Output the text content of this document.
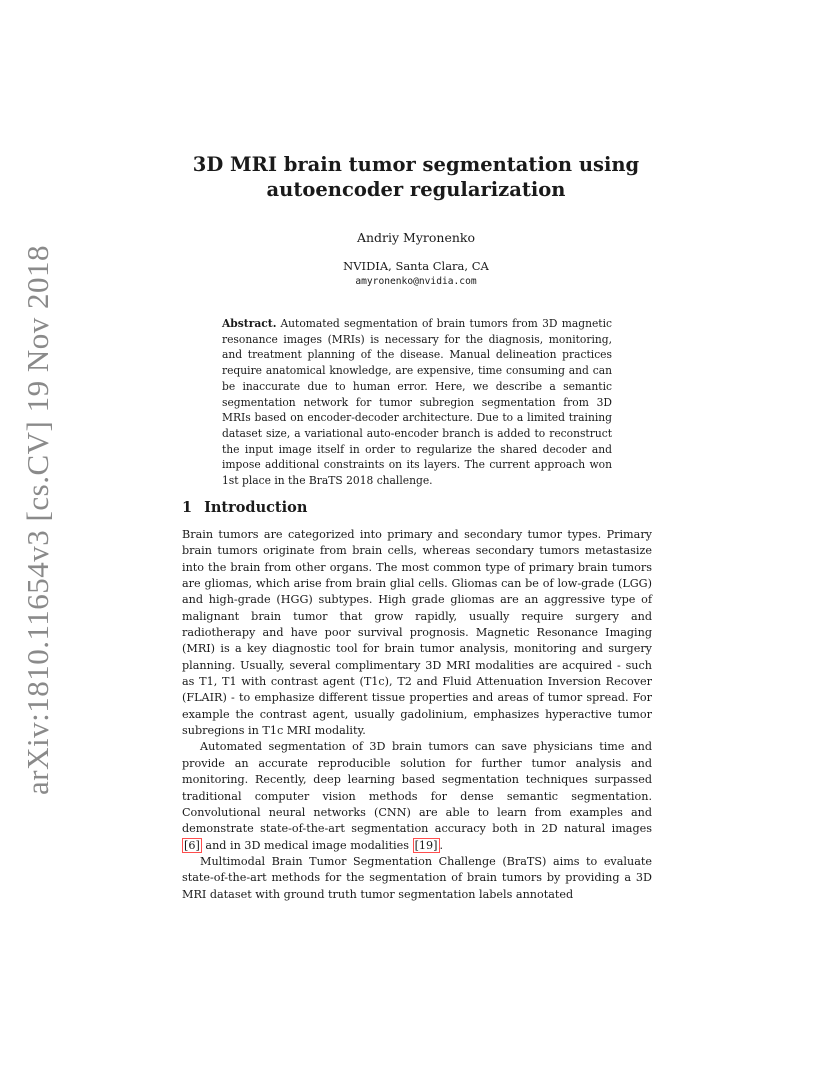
arXiv:1810.11654v3 [cs.CV] 19 Nov 2018
3D MRI brain tumor segmentation using
autoencoder regularization
Andriy Myronenko
NVIDIA, Santa Clara, CA
amyronenko@nvidia.com
Abstract. Automated segmentation of brain tumors from 3D magnetic resonance images (MRIs) is necessary for the diagnosis, monitoring, and treatment planning of the disease. Manual delineation practices require anatomical knowledge, are expensive, time consuming and can be inaccurate due to human error. Here, we describe a semantic segmentation network for tumor subregion segmentation from 3D MRIs based on encoder-decoder architecture. Due to a limited training dataset size, a variational auto-encoder branch is added to reconstruct the input image itself in order to regularize the shared decoder and impose additional constraints on its layers. The current approach won 1st place in the BraTS 2018 challenge.
1 Introduction

Brain tumors are categorized into primary and secondary tumor types. Primary brain tumors originate from brain cells, whereas secondary tumors metastasize into the brain from other organs. The most common type of primary brain tumors are gliomas, which arise from brain glial cells. Gliomas can be of low-grade (LGG) and high-grade (HGG) subtypes. High grade gliomas are an aggressive type of malignant brain tumor that grow rapidly, usually require surgery and radiotherapy and have poor survival prognosis. Magnetic Resonance Imaging (MRI) is a key diagnostic tool for brain tumor analysis, monitoring and surgery planning. Usually, several complimentary 3D MRI modalities are acquired - such as T1, T1 with contrast agent (T1c), T2 and Fluid Attenuation Inversion Recover (FLAIR) - to emphasize different tissue properties and areas of tumor spread. For example the contrast agent, usually gadolinium, emphasizes hyperactive tumor subregions in T1c MRI modality.

Automated segmentation of 3D brain tumors can save physicians time and provide an accurate reproducible solution for further tumor analysis and monitoring. Recently, deep learning based segmentation techniques surpassed traditional computer vision methods for dense semantic segmentation. Convolutional neural networks (CNN) are able to learn from examples and demonstrate state-of-the-art segmentation accuracy both in 2D natural images [6] and in 3D medical image modalities [19] .

Multimodal Brain Tumor Segmentation Challenge (BraTS) aims to evaluate state-of-the-art methods for the segmentation of brain tumors by providing a 3D MRI dataset with ground truth tumor segmentation labels annotated
